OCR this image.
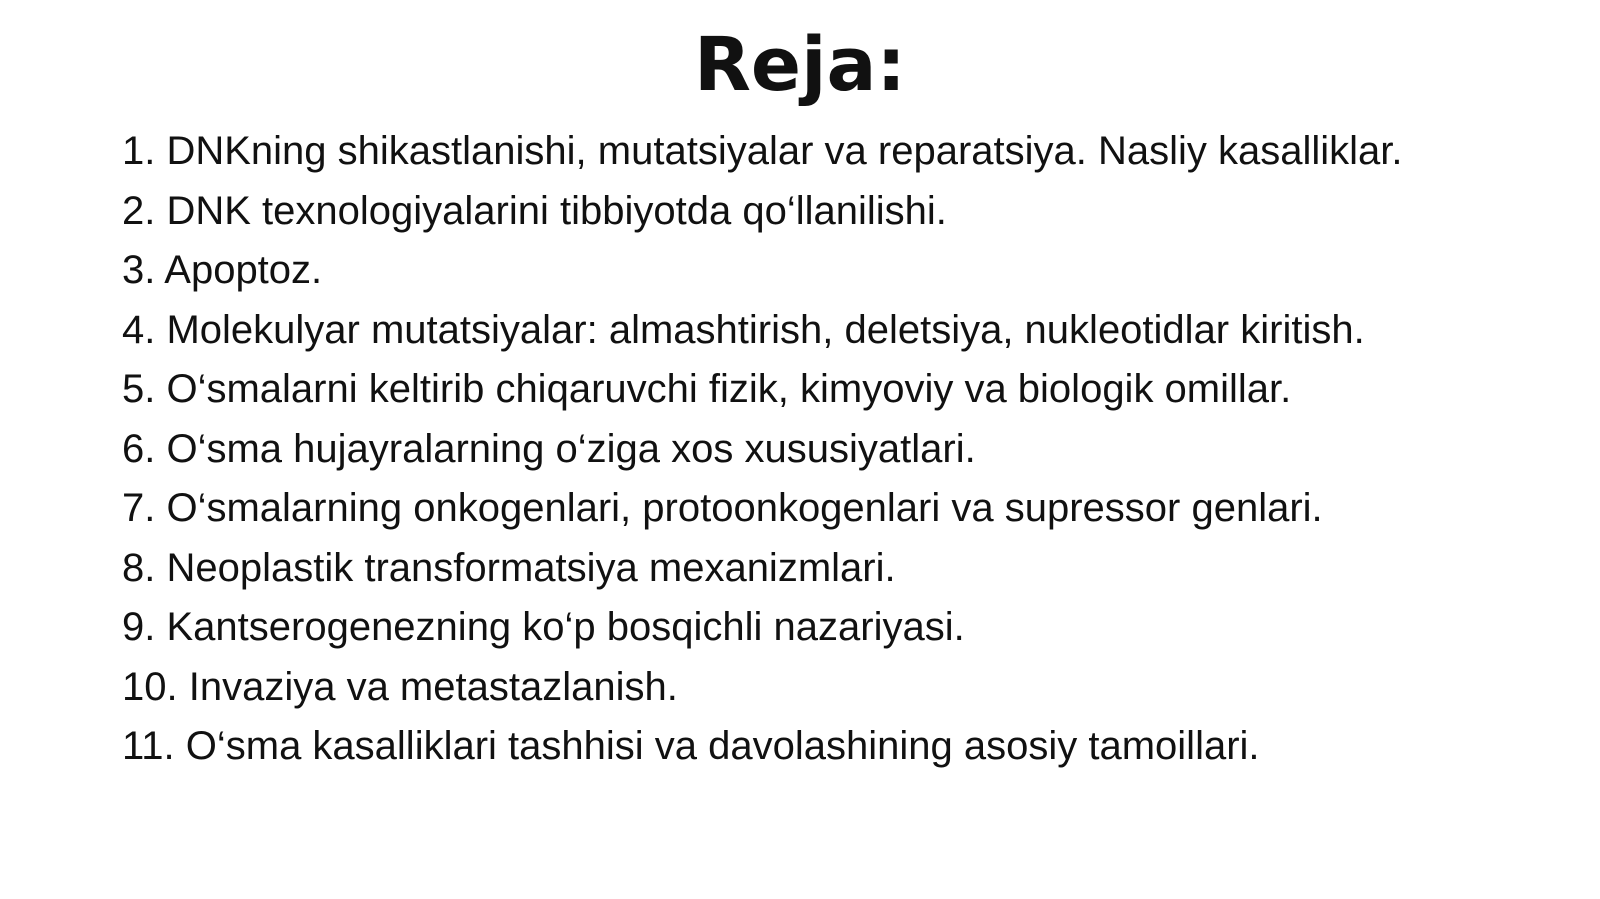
Reja:
1. DNKning shikastlanishi, mutatsiyalar va reparatsiya. Nasliy kasalliklar.
2. DNK texnologiyalarini tibbiyotda qo‘llanilishi.
3. Apoptoz.
4. Molekulyar mutatsiyalar: almashtirish, deletsiya, nukleotidlar kiritish.
5. O‘smalarni keltirib chiqaruvchi fizik, kimyoviy va biologik omillar.
6. O‘sma hujayralarning o‘ziga xos xususiyatlari.
7. O‘smalarning onkogenlari, protoonkogenlari va supressor genlari.
8. Neoplastik transformatsiya mexanizmlari.
9. Kantserogenezning ko‘p bosqichli nazariyasi.
10. Invaziya va metastazlanish.
11. O‘sma kasalliklari tashhisi va davolashining asosiy tamoillari.
